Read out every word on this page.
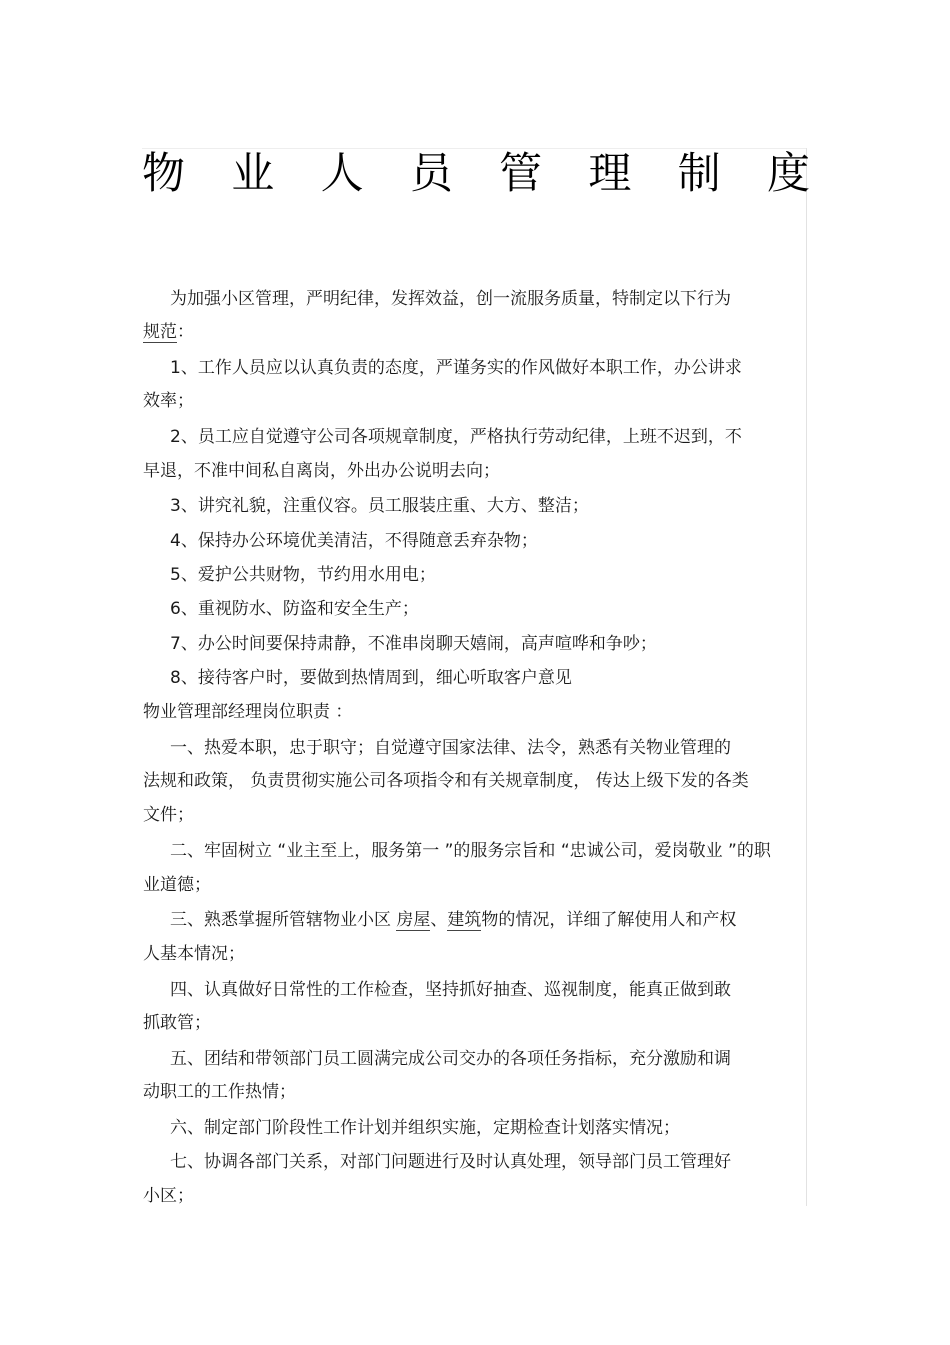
物 业 人 员 管 理 制 度
为加强小区管理，严明纪律，发挥效益，创一流服务质量，特制定以下行为
规范：
1、工作人员应以认真负责的态度，严谨务实的作风做好本职工作，办公讲求
效率；
2、员工应自觉遵守公司各项规章制度，严格执行劳动纪律，上班不迟到，不
早退，不准中间私自离岗，外出办公说明去向；
3、讲究礼貌，注重仪容。员工服装庄重、大方、整洁；
4、保持办公环境优美清洁，不得随意丢弃杂物；
5、爱护公共财物，节约用水用电；
6、重视防水、防盗和安全生产；
7、办公时间要保持肃静，不准串岗聊天嬉闹，高声喧哗和争吵；
8、接待客户时，要做到热情周到，细心听取客户意见
物业管理部经理岗位职责 ：
一、热爱本职，忠于职守；自觉遵守国家法律、法令，熟悉有关物业管理的
法规和政策， 负责贯彻实施公司各项指令和有关规章制度， 传达上级下发的各类
文件；
二、牢固树立 “业主至上，服务第一 ”的服务宗旨和 “忠诚公司，爱岗敬业 ”的职
业道德；
三、熟悉掌握所管辖物业小区 房屋、建筑物的情况，详细了解使用人和产权
人基本情况；
四、认真做好日常性的工作检查，坚持抓好抽查、巡视制度，能真正做到敢
抓敢管；
五、团结和带领部门员工圆满完成公司交办的各项任务指标，充分激励和调
动职工的工作热情；
六、制定部门阶段性工作计划并组织实施，定期检查计划落实情况；
七、协调各部门关系，对部门问题进行及时认真处理，领导部门员工管理好
小区；
